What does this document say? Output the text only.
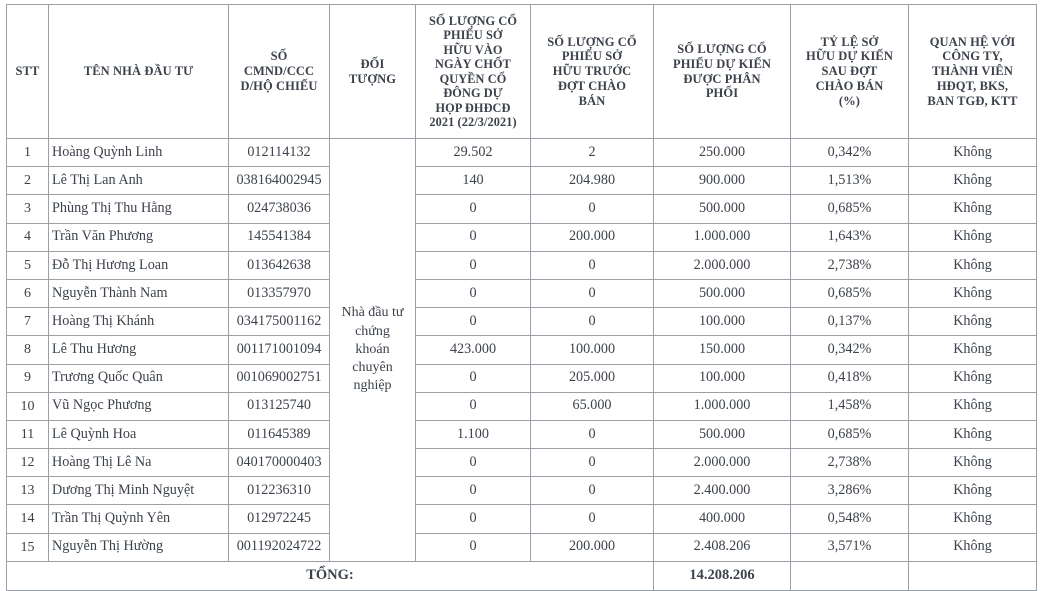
STT	TÊN NHÀ ĐẦU TƯ	SỐ
CMND/CCC
D/HỘ CHIẾU	ĐỐI
TƯỢNG	SỐ LƯỢNG CỔ
PHIẾU SỞ
HỮU VÀO
NGÀY CHỐT
QUYỀN CỔ
ĐÔNG DỰ
HỌP ĐHĐCĐ
2021 (22/3/2021)	SỐ LƯỢNG CỔ
PHIẾU SỞ
HỮU TRƯỚC
ĐỢT CHÀO
BÁN	SỐ LƯỢNG CỔ
PHIẾU DỰ KIẾN
ĐƯỢC PHÂN
PHỐI	TỶ LỆ SỞ
HỮU DỰ KIẾN
SAU ĐỢT
CHÀO BÁN
(%)	QUAN HỆ VỚI
CÔNG TY,
THÀNH VIÊN
HĐQT, BKS,
BAN TGĐ, KTT
1	Hoàng Quỳnh Linh	012114132	Nhà đầu tư
chứng
khoán
chuyên
nghiệp	29.502	2	250.000	0,342%	Không
2	Lê Thị Lan Anh	038164002945		140	204.980	900.000	1,513%	Không
3	Phùng Thị Thu Hằng	024738036		0	0	500.000	0,685%	Không
4	Trần Văn Phương	145541384		0	200.000	1.000.000	1,643%	Không
5	Đỗ Thị Hương Loan	013642638		0	0	2.000.000	2,738%	Không
6	Nguyễn Thành Nam	013357970		0	0	500.000	0,685%	Không
7	Hoàng Thị Khánh	034175001162		0	0	100.000	0,137%	Không
8	Lê Thu Hương	001171001094		423.000	100.000	150.000	0,342%	Không
9	Trương Quốc Quân	001069002751		0	205.000	100.000	0,418%	Không
10	Vũ Ngọc Phương	013125740		0	65.000	1.000.000	1,458%	Không
11	Lê Quỳnh Hoa	011645389		1.100	0	500.000	0,685%	Không
12	Hoàng Thị Lê Na	040170000403		0	0	2.000.000	2,738%	Không
13	Dương Thị Minh Nguyệt	012236310		0	0	2.400.000	3,286%	Không
14	Trần Thị Quỳnh Yên	012972245		0	0	400.000	0,548%	Không
15	Nguyễn Thị Hường	001192024722		0	200.000	2.408.206	3,571%	Không
TỔNG:						14.208.206		
